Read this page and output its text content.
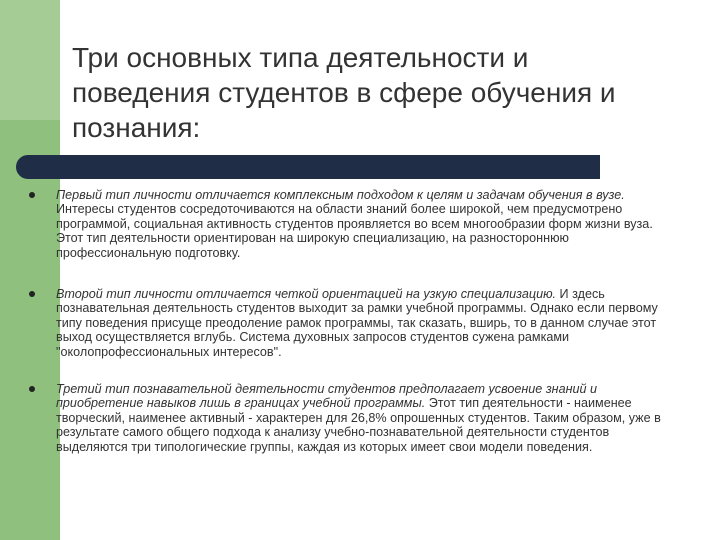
Три основных типа деятельности и поведения студентов в сфере обучения и познания:
Первый тип личности отличается комплексным подходом к целям и задачам обучения в вузе. Интересы студентов сосредоточиваются на области знаний более широкой, чем предусмотрено программой, социальная активность студентов проявляется во всем многообразии форм жизни вуза. Этот тип деятельности ориентирован на широкую специализацию, на разностороннюю профессиональную подготовку.
Второй тип личности отличается четкой ориентацией на узкую специализацию. И здесь познавательная деятельность студентов выходит за рамки учебной программы. Однако если первому типу поведения присуще преодоление рамок программы, так сказать, вширь, то в данном случае этот выход осуществляется вглубь. Система духовных запросов студентов сужена рамками "околопрофессиональных интересов".
Третий тип познавательной деятельности студентов предполагает усвоение знаний и приобретение навыков лишь в границах учебной программы. Этот тип деятельности - наименее творческий, наименее активный - характерен для 26,8% опрошенных студентов. Таким образом, уже в результате самого общего подхода к анализу учебно-познавательной деятельности студентов выделяются три типологические группы, каждая из которых имеет свои модели поведения.
